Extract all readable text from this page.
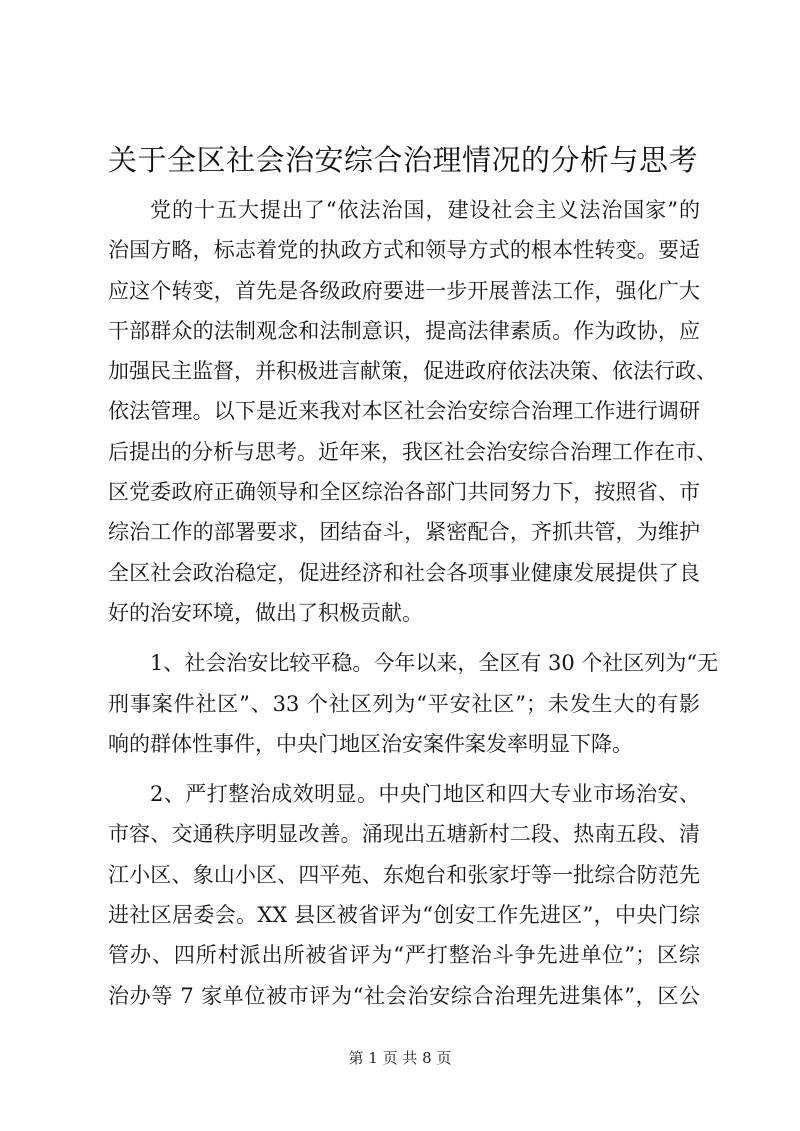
关于全区社会治安综合治理情况的分析与思考
党的十五大提出了“依法治国，建设社会主义法治国家”的
治国方略，标志着党的执政方式和领导方式的根本性转变。要适
应这个转变，首先是各级政府要进一步开展普法工作，强化广大
干部群众的法制观念和法制意识，提高法律素质。作为政协，应
加强民主监督，并积极进言献策，促进政府依法决策、依法行政、
依法管理。以下是近来我对本区社会治安综合治理工作进行调研
后提出的分析与思考。近年来，我区社会治安综合治理工作在市、
区党委政府正确领导和全区综治各部门共同努力下，按照省、市
综治工作的部署要求，团结奋斗，紧密配合，齐抓共管，为维护
全区社会政治稳定，促进经济和社会各项事业健康发展提供了良
好的治安环境，做出了积极贡献。
1、社会治安比较平稳。今年以来，全区有 30 个社区列为“无
刑事案件社区”、33 个社区列为“平安社区”；未发生大的有影
响的群体性事件，中央门地区治安案件案发率明显下降。
2、严打整治成效明显。中央门地区和四大专业市场治安、
市容、交通秩序明显改善。涌现出五塘新村二段、热南五段、清
江小区、象山小区、四平苑、东炮台和张家圩等一批综合防范先
进社区居委会。XX 县区被省评为“创安工作先进区”，中央门综
管办、四所村派出所被省评为“严打整治斗争先进单位”；区综
治办等 7 家单位被市评为“社会治安综合治理先进集体”，区公
第 1 页 共 8 页
